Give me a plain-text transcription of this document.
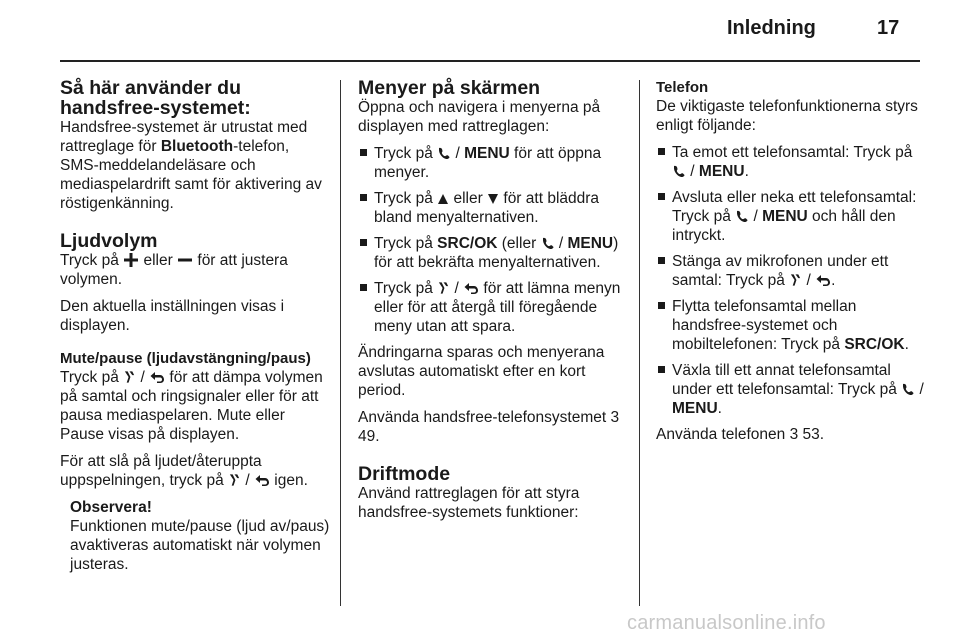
Inledning	17
Så här använder du handsfree-systemet:

Handsfree-systemet är utrustat med rattreglage för Bluetooth-telefon, SMS-meddelandeläsare och mediaspelardrift samt för aktivering av röstigenkänning.

Ljudvolym

Tryck på
eller
för att justera volymen.

Den aktuella inställningen visas i displayen.

Mute/pause (ljudavstängning/paus)

Tryck på
/
för att dämpa volymen på samtal och ringsignaler eller för att pausa mediaspelaren. Mute eller Pause visas på displayen.

För att slå på ljudet/återuppta uppspelningen, tryck på
/
igen.

Observera!
Funktionen mute/pause (ljud av/paus) avaktiveras automatiskt när volymen justeras.
Menyer på skärmen

Öppna och navigera i menyerna på displayen med rattreglagen:

Tryck på
/ MENU för att öppna menyer.
Tryck på
eller
för att bläddra bland menyalternativen.
Tryck på SRC/OK (eller
/ MENU) för att bekräfta menyalternativen.
Tryck på
/
för att lämna menyn eller för att återgå till föregående meny utan att spara.

Ändringarna sparas och menyerana avslutas automatiskt efter en kort period.

Använda handsfree-telefonsystemet 3 49.

Driftmode

Använd rattreglagen för att styra handsfree-systemets funktioner:

Telefon

De viktigaste telefonfunktionerna styrs enligt följande:

Ta emot ett telefonsamtal: Tryck på
/ MENU.
Avsluta eller neka ett telefonsamtal: Tryck på
/ MENU och håll den intryckt.
Stänga av mikrofonen under ett samtal: Tryck på
/
.
Flytta telefonsamtal mellan handsfree-systemet och mobiltelefonen: Tryck på SRC/OK.
Växla till ett annat telefonsamtal under ett telefonsamtal: Tryck på
/ MENU.

Använda telefonen 3 53.

carmanualsonline.info
